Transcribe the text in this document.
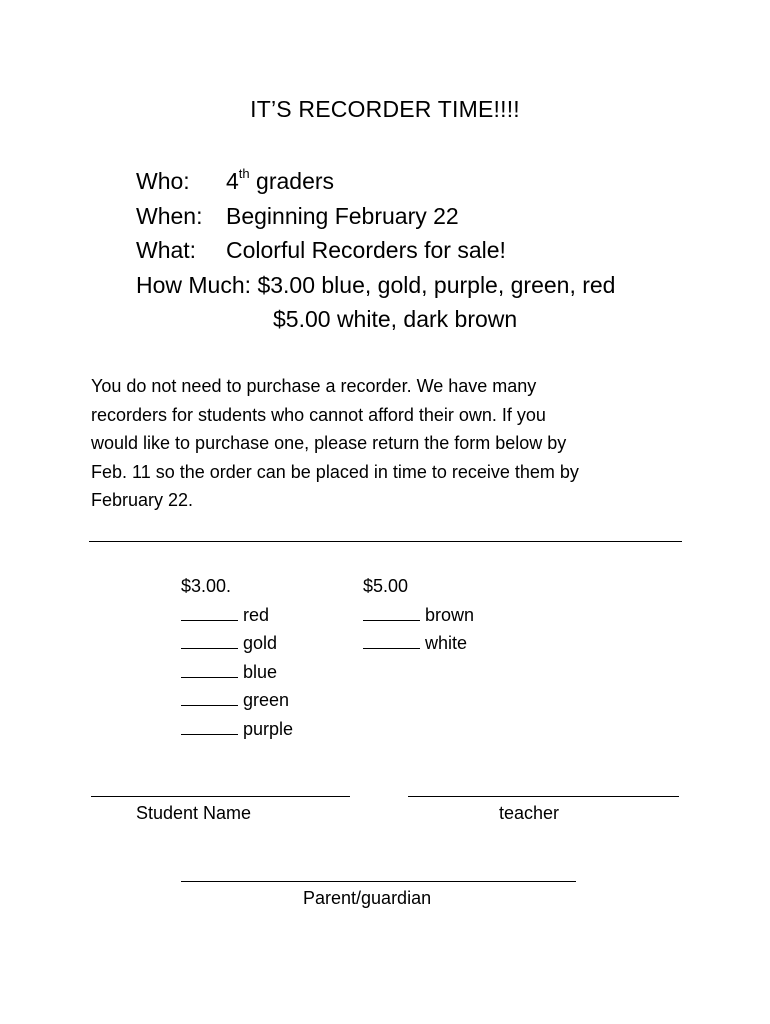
IT’S RECORDER TIME!!!!
Who: 4th graders
When: Beginning February 22
What: Colorful Recorders for sale!
How Much: $3.00 blue, gold, purple, green, red
$5.00 white, dark brown

You do not need to purchase a recorder. We have many

recorders for students who cannot afford their own. If you

would like to purchase one, please return the form below by

Feb. 11 so the order can be placed in time to receive them by

February 22.

$3.00.
red
gold
blue
green
purple
$5.00
brown
white
Student Name	teacher
Parent/guardian
